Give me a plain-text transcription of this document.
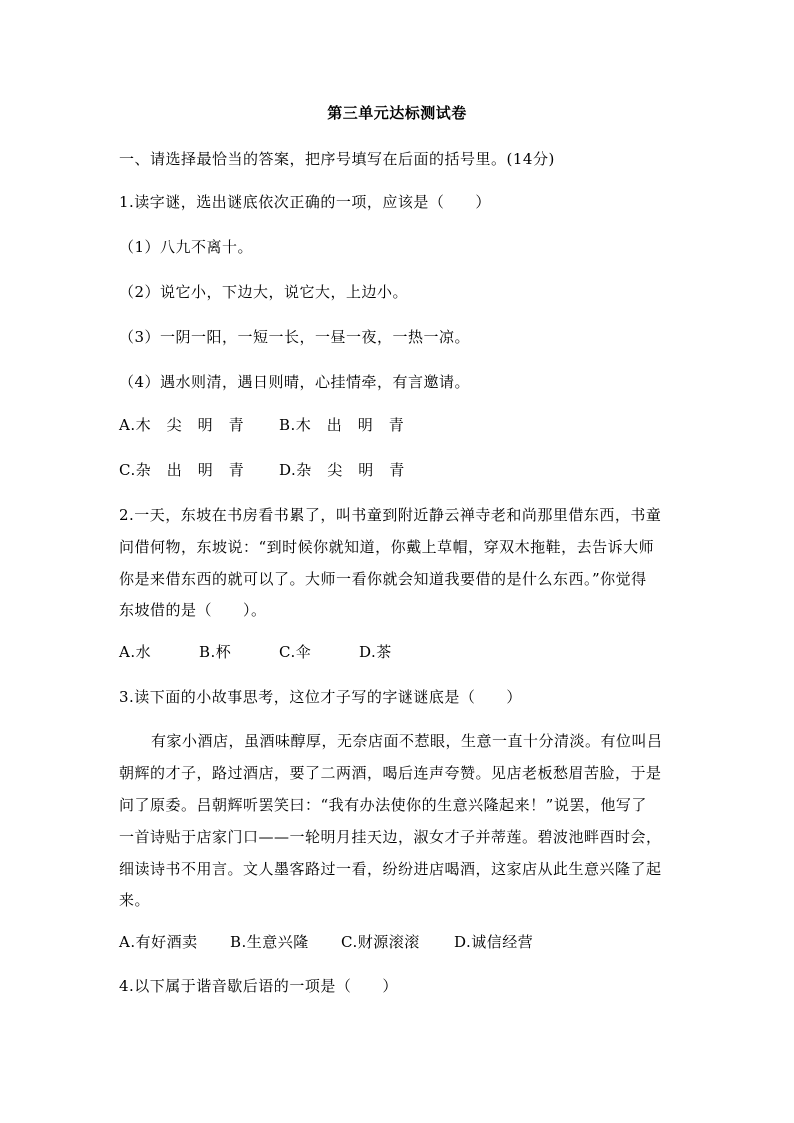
第三单元达标测试卷
一、请选择最恰当的答案，把序号填写在后面的括号里。(14分)
1.读字谜，选出谜底依次正确的一项，应该是（　　）
（1）八九不离十。
（2）说它小，下边大，说它大，上边小。
（3）一阴一阳，一短一长，一昼一夜，一热一凉。
（4）遇水则清，遇日则晴，心挂情牵，有言邀请。
A.木　尖　明　青 B.木　出　明　青
C.杂　出　明　青 D.杂　尖　明　青
2.一天，东坡在书房看书累了，叫书童到附近静云禅寺老和尚那里借东西，书童
问借何物，东坡说：“到时候你就知道，你戴上草帽，穿双木拖鞋，去告诉大师
你是来借东西的就可以了。大师一看你就会知道我要借的是什么东西。”你觉得
东坡借的是（　　）。
A.水	B.杯	C.伞	D.茶
3.读下面的小故事思考，这位才子写的字谜谜底是（　　）
有家小酒店，虽酒味醇厚，无奈店面不惹眼，生意一直十分清淡。有位叫吕
朝辉的才子，路过酒店，要了二两酒，喝后连声夸赞。见店老板愁眉苦脸，于是
问了原委。吕朝辉听罢笑曰：“我有办法使你的生意兴隆起来！”说罢，他写了
一首诗贴于店家门口——一轮明月挂天边，淑女才子并蒂莲。碧波池畔酉时会，
细读诗书不用言。文人墨客路过一看，纷纷进店喝酒，这家店从此生意兴隆了起
来。
A.有好酒卖 B.生意兴隆 C.财源滚滚 D.诚信经营
4.以下属于谐音歇后语的一项是（　　）
